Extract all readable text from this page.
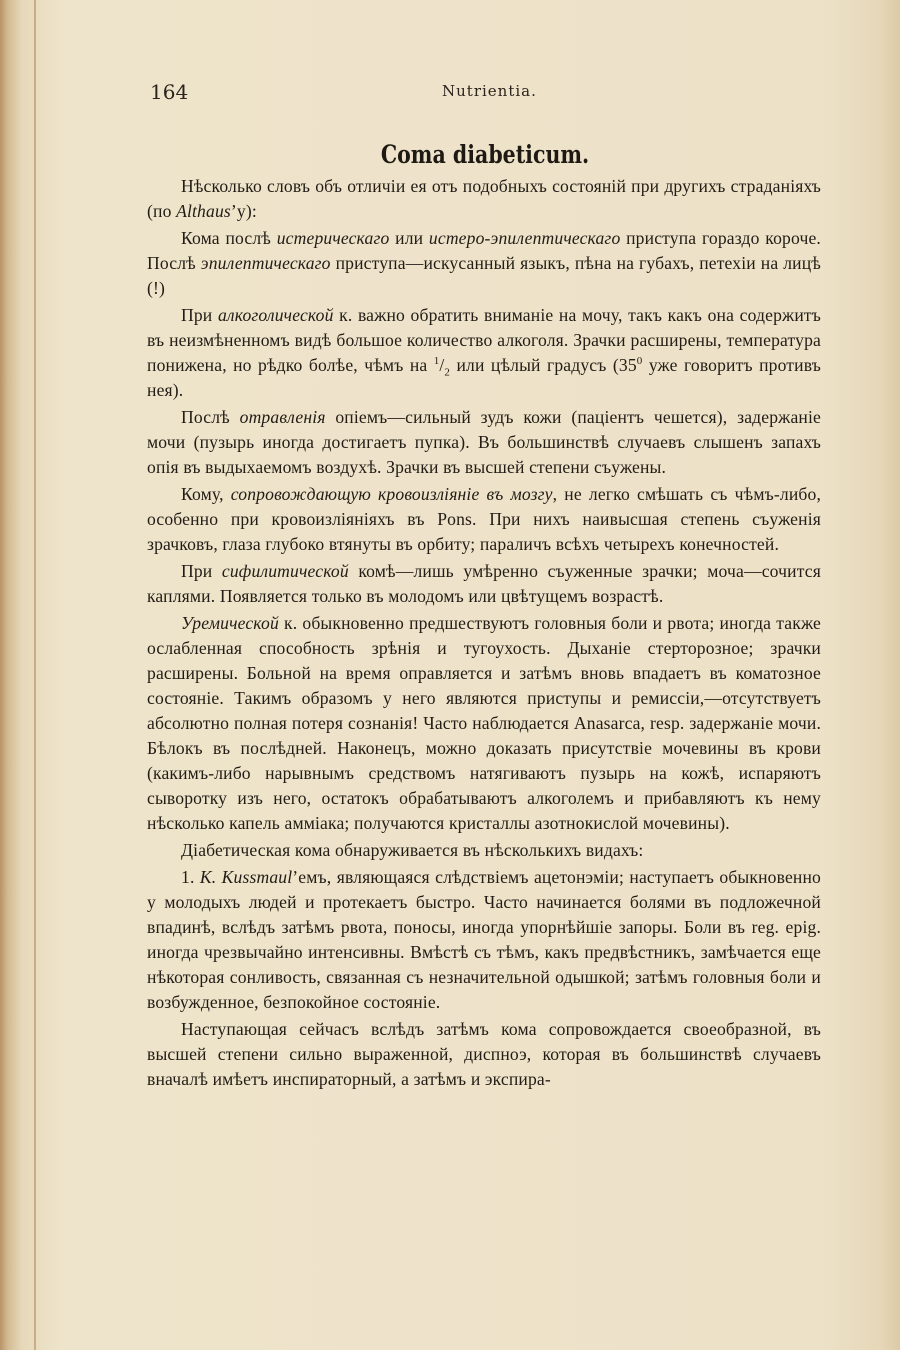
164	Nutrientia.
Coma diabeticum.

Нѣсколько словъ объ отличіи ея отъ подобныхъ состояній при другихъ страданіяхъ (по Althaus’у):

Кома послѣ истерическаго или истеро-эпилептическаго приступа гораздо короче. Послѣ эпилептическаго приступа—искусанный языкъ, пѣна на губахъ, петехіи на лицѣ (!)

При алкоголической к. важно обратить вниманіе на мочу, такъ какъ она содержитъ въ неизмѣненномъ видѣ большое количество алкоголя. Зрачки расширены, температура понижена, но рѣдко болѣе, чѣмъ на $^1/_2$ или цѣлый градусъ ($35^0$ уже говоритъ противъ нея).

Послѣ отравленія опіемъ—сильный зудъ кожи (паціентъ чешется), задержаніе мочи (пузырь иногда достигаетъ пупка). Въ большинствѣ случаевъ слышенъ запахъ опія въ выдыхаемомъ воздухѣ. Зрачки въ высшей степени съужены.

Кому, сопровождающую кровоизліяніе въ мозгу, не легко смѣшать съ чѣмъ-либо, особенно при кровоизліяніяхъ въ Pons. При нихъ наивысшая степень съуженія зрачковъ, глаза глубоко втянуты въ орбиту; параличъ всѣхъ четырехъ конечностей.

При сифилитической комѣ—лишь умѣренно съуженные зрачки; моча—сочится каплями. Появляется только въ молодомъ или цвѣтущемъ возрастѣ.

Уремической к. обыкновенно предшествуютъ головныя боли и рвота; иногда также ослабленная способность зрѣнія и тугоухость. Дыханіе стерторозное; зрачки расширены. Больной на время оправляется и затѣмъ вновь впадаетъ въ коматозное состояніе. Такимъ образомъ у него являются приступы и ремиссіи,—отсутствуетъ абсолютно полная потеря сознанія! Часто наблюдается Anasarca, resp. задержаніе мочи. Бѣлокъ въ послѣдней. Наконецъ, можно доказать присутствіе мочевины въ крови (какимъ-либо нарывнымъ средствомъ натягиваютъ пузырь на кожѣ, испаряютъ сыворотку изъ него, остатокъ обрабатываютъ алкоголемъ и прибавляютъ къ нему нѣсколько капель амміака; получаются кристаллы азотнокислой мочевины).

Діабетическая кома обнаруживается въ нѣсколькихъ видахъ:

1. K. Kussmaul’емъ, являющаяся слѣдствіемъ ацетонэміи; наступаетъ обыкновенно у молодыхъ людей и протекаетъ быстро. Часто начинается болями въ подложечной впадинѣ, вслѣдъ затѣмъ рвота, поносы, иногда упорнѣйшіе запоры. Боли въ reg. epig. иногда чрезвычайно интенсивны. Вмѣстѣ съ тѣмъ, какъ предвѣстникъ, замѣчается еще нѣкоторая сонливость, связанная съ незначительной одышкой; затѣмъ головныя боли и возбужденное, безпокойное состояніе.

Наступающая сейчасъ вслѣдъ затѣмъ кома сопровождается своеобразной, въ высшей степени сильно выраженной, диспноэ, которая въ большинствѣ случаевъ вначалѣ имѣетъ инспираторный, а затѣмъ и экспира-
